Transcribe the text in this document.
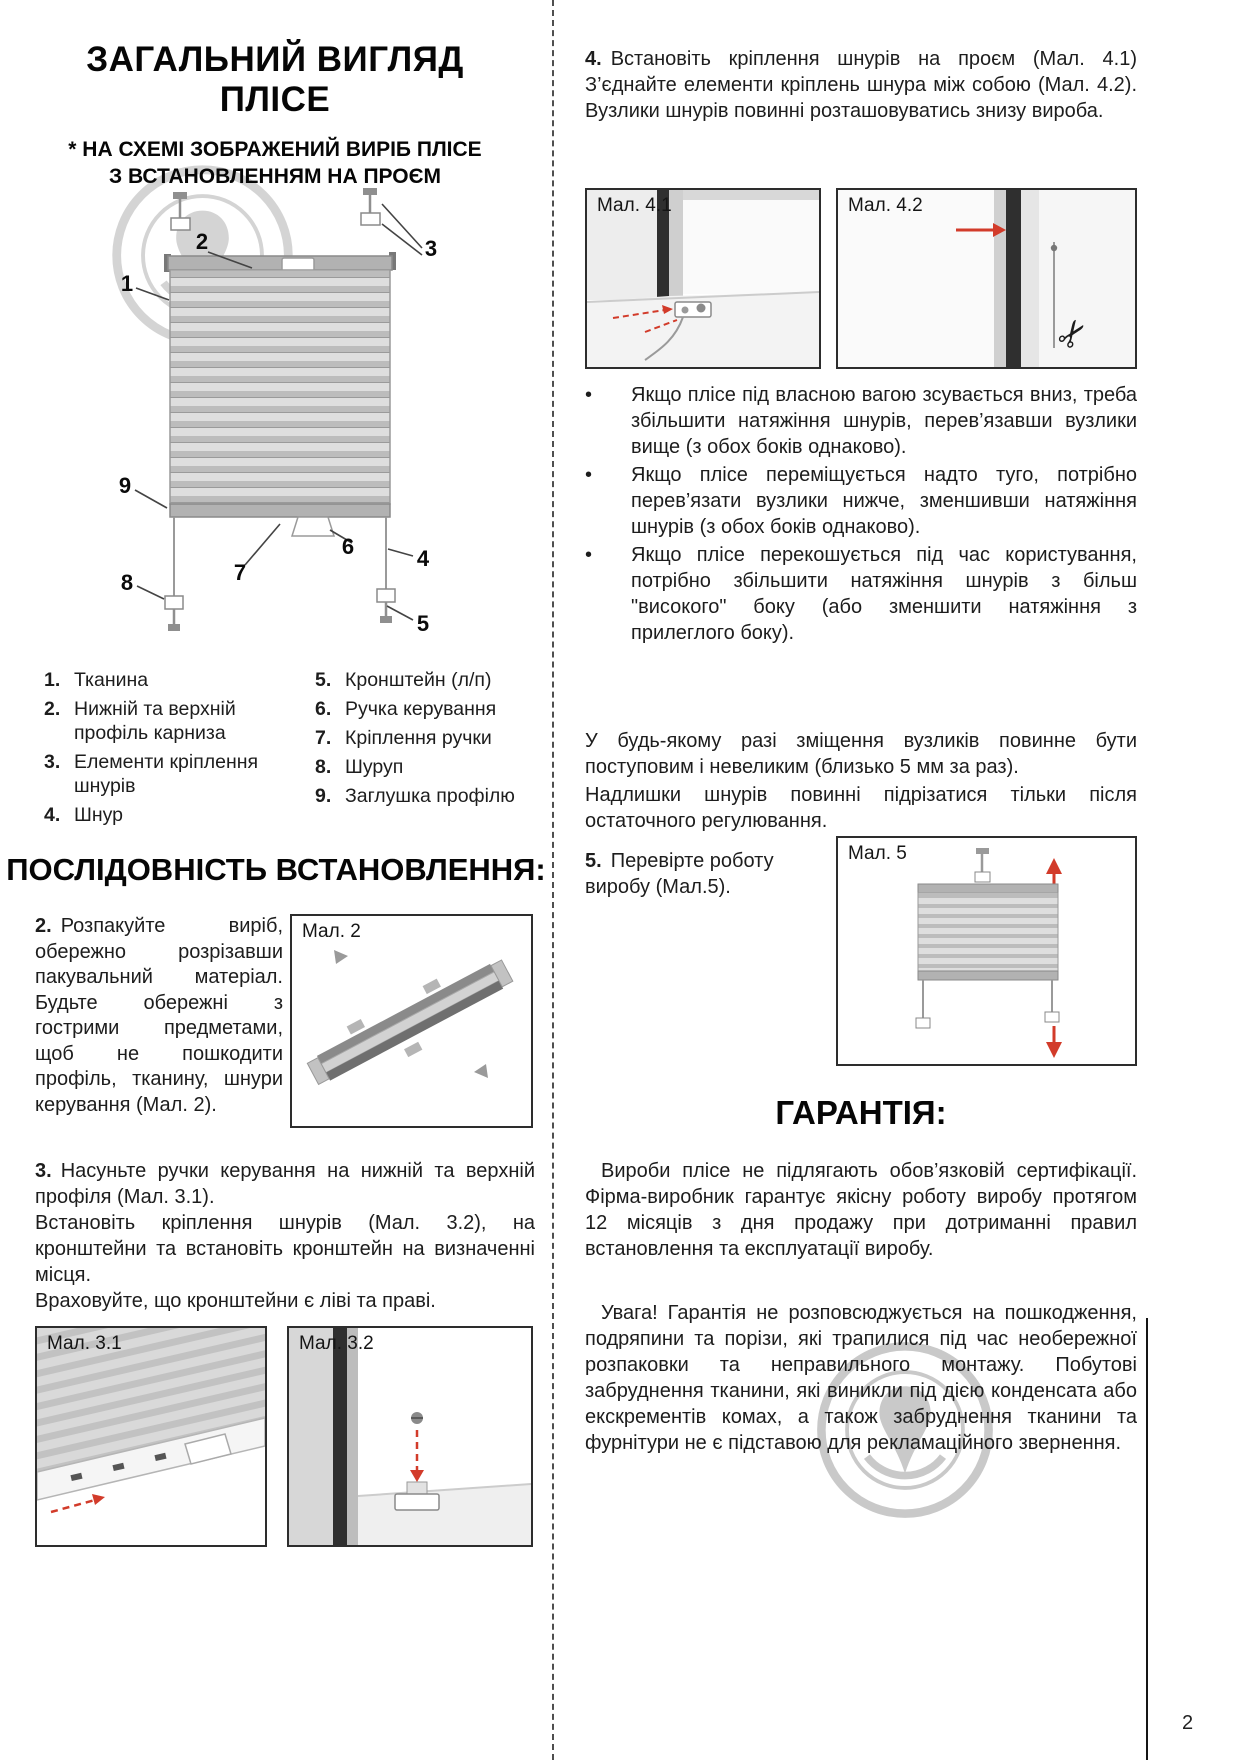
ЗАГАЛЬНИЙ ВИГЛЯД
ПЛІСЕ
* НА СХЕМІ ЗОБРАЖЕНИЙ ВИРІБ ПЛІСЕ
З ВСТАНОВЛЕННЯМ НА ПРОЄМ
1
2	3
4
5
6
7
8
9
1. Тканина
2. Нижній та верхній профіль карниза
3. Елементи кріплення шнурів
4. Шнур
5. Кронштейн (л/п)
6. Ручка керування
7. Кріплення ручки
8. Шуруп
9. Заглушка профілю
ПОСЛІДОВНІСТЬ ВСТАНОВЛЕННЯ:
2. Розпакуйте виріб, обережно розрізавши пакувальний матеріал. Будьте обережні з гострими предметами, щоб не пошкодити профіль, тканину, шнури керування (Мал. 2).
Мал. 2
3. Насуньте ручки керування на нижній та верхній профіля (Мал. 3.1).
Встановіть кріплення шнурів (Мал. 3.2), на кронштейни та встановіть кронштейн на визначенні місця.
Враховуйте, що кронштейни є ліві та праві.
Мал. 3.1	Мал. 3.2
4. Встановіть кріплення шнурів на проєм (Мал. 4.1) З’єднайте елементи кріплень шнура між собою (Мал. 4.2). Вузлики шнурів повинні розташовуватись знизу вироба.
Мал. 4.1	Мал. 4.2
✂
•
Якщо плісе під власною вагою зсувається вниз, треба збільшити натяжіння шнурів, перев’язавши вузлики вище (з обох боків однаково).
•
Якщо плісе переміщується надто туго, потрібно перев’язати вузлики нижче, зменшивши натяжіння шнурів (з обох боків однаково).
•
Якщо плісе перекошується під час користування, потрібно збільшити натяжіння шнурів з більш "високого" боку (або зменшити натяжіння з прилеглого боку).
У будь-якому разі зміщення вузликів повинне бути поступовим і невеликим (близько 5 мм за раз).
Надлишки шнурів повинні підрізатися тільки після остаточного регулювання.
5. Перевірте роботу виробу (Мал.5).
Мал. 5
ГАРАНТІЯ:
Вироби плісе не підлягають обов’язковій сертифікації. Фірма-виробник гарантує якісну роботу виробу протягом 12 місяців з дня продажу при дотриманні правил встановлення та експлуатації виробу.
Увага! Гарантія не розповсюджується на пошкодження, подряпини та порізи, які трапилися під час необережної розпаковки та неправильного монтажу. Побутові забруднення тканини, які виникли під дією конденсата або екскрементів комах, а також забруднення тканини та фурнітури не є підставою для рекламаційного звернення.
2
